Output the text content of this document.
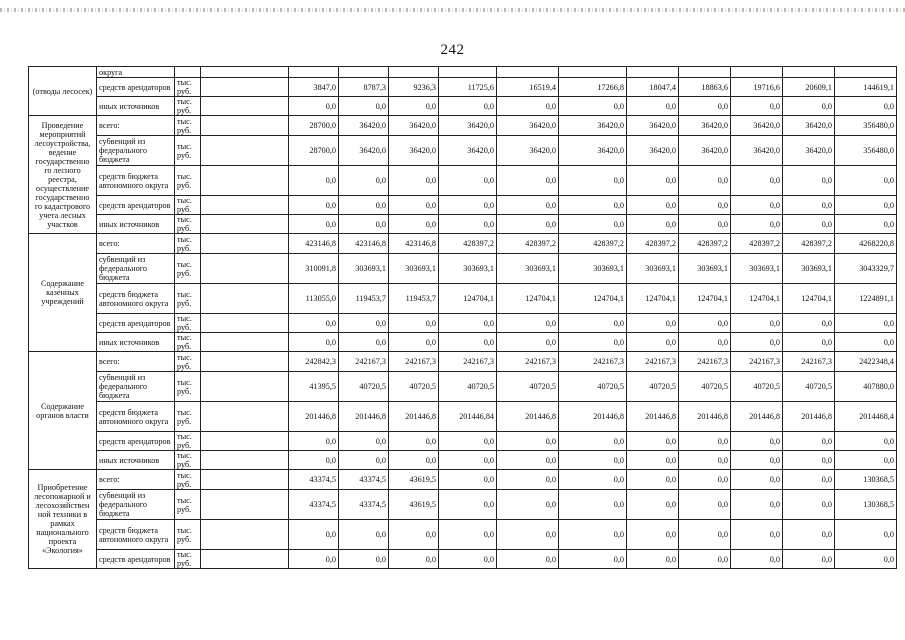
242
(отводы лесосек)	округа													
	средств арендаторов	тыс. руб.		3847,0	8787,3	9236,3	11725,6	16519,4	17266,8	18047,4	18863,6	19716,6	20609,1	144619,1
	иных источников	тыс. руб.		0,0	0,0	0,0	0,0	0,0	0,0	0,0	0,0	0,0	0,0	0,0
Проведение мероприятий лесоустройства, ведение государственно го лесного реестра, осуществление государственно го кадастрового учета лесных участков	всего:	тыс. руб.		28700,0	36420,0	36420,0	36420,0	36420,0	36420,0	36420,0	36420,0	36420,0	36420,0	356480,0
	субвенций из федерального бюджета	тыс. руб.		28700,0	36420,0	36420,0	36420,0	36420,0	36420,0	36420,0	36420,0	36420,0	36420,0	356480,0
	средств бюджета автономного округа	тыс. руб.		0,0	0,0	0,0	0,0	0,0	0,0	0,0	0,0	0,0	0,0	0,0
	средств арендаторов	тыс. руб.		0,0	0,0	0,0	0,0	0,0	0,0	0,0	0,0	0,0	0,0	0,0
	иных источников	тыс. руб.		0,0	0,0	0,0	0,0	0,0	0,0	0,0	0,0	0,0	0,0	0,0
Содержание казенных учреждений	всего:	тыс. руб.		423146,8	423146,8	423146,8	428397,2	428397,2	428397,2	428397,2	428397,2	428397,2	428397,2	4268220,8
	субвенций из федерального бюджета	тыс. руб.		310091,8	303693,1	303693,1	303693,1	303693,1	303693,1	303693,1	303693,1	303693,1	303693,1	3043329,7
	средств бюджета автономного округа	тыс. руб.		113055,0	119453,7	119453,7	124704,1	124704,1	124704,1	124704,1	124704,1	124704,1	124704,1	1224891,1
	средств арендаторов	тыс. руб.		0,0	0,0	0,0	0,0	0,0	0,0	0,0	0,0	0,0	0,0	0,0
	иных источников	тыс. руб.		0,0	0,0	0,0	0,0	0,0	0,0	0,0	0,0	0,0	0,0	0,0
Содержание органов власти	всего:	тыс. руб.		242842,3	242167,3	242167,3	242167,3	242167,3	242167,3	242167,3	242167,3	242167,3	242167,3	2422348,4
	субвенций из федерального бюджета	тыс. руб.		41395,5	40720,5	40720,5	40720,5	40720,5	40720,5	40720,5	40720,5	40720,5	40720,5	407880,0
	средств бюджета автономного округа	тыс. руб.		201446,8	201446,8	201446,8	201446,84	201446,8	201446,8	201446,8	201446,8	201446,8	201446,8	2014468,4
	средств арендаторов	тыс. руб.		0,0	0,0	0,0	0,0	0,0	0,0	0,0	0,0	0,0	0,0	0,0
	иных источников	тыс. руб.		0,0	0,0	0,0	0,0	0,0	0,0	0,0	0,0	0,0	0,0	0,0
Приобретение лесопожарной и лесохозяйствен ной техники в рамках национального проекта «Экология»	всего:	тыс. руб.		43374,5	43374,5	43619,5	0,0	0,0	0,0	0,0	0,0	0,0	0,0	130368,5
	субвенций из федерального бюджета	тыс. руб.		43374,5	43374,5	43619,5	0,0	0,0	0,0	0,0	0,0	0,0	0,0	130368,5
	средств бюджета автономного округа	тыс. руб.		0,0	0,0	0,0	0,0	0,0	0,0	0,0	0,0	0,0	0,0	0,0
	средств арендаторов	тыс. руб.		0,0	0,0	0,0	0,0	0,0	0,0	0,0	0,0	0,0	0,0	0,0
